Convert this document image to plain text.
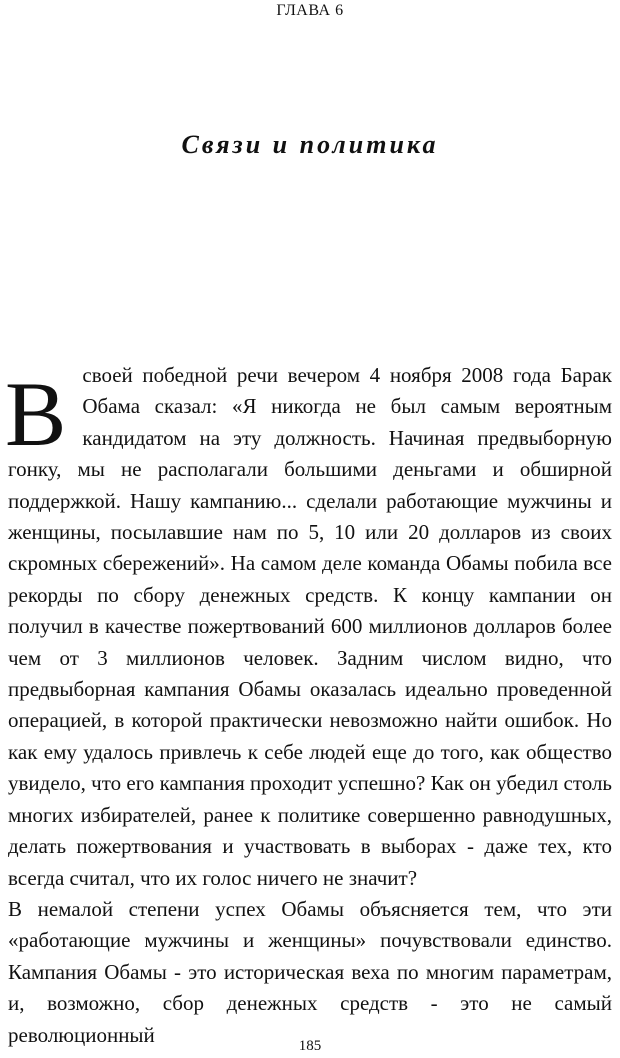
ГЛАВА 6
Связи и политика

В своей победной речи вечером 4 ноября 2008 года Барак Обама сказал: «Я никогда не был самым вероятным кандидатом на эту должность. Начиная предвыборную гонку, мы не располагали большими деньгами и обширной поддержкой. Нашу кампанию... сделали работающие мужчины и женщины, посылавшие нам по 5, 10 или 20 долларов из своих скромных сбережений». На самом деле команда Обамы побила все рекорды по сбору денежных средств. К концу кампании он получил в качестве пожертвований 600 миллионов долларов более чем от 3 миллионов человек. Задним числом видно, что предвыборная кампания Обамы оказалась идеально проведенной операцией, в которой практически невозможно найти ошибок. Но как ему удалось привлечь к себе людей еще до того, как общество увидело, что его кампания проходит успешно? Как он убедил столь многих избирателей, ранее к политике совершенно равнодушных, делать пожертвования и участвовать в выборах - даже тех, кто всегда считал, что их голос ничего не значит?

В немалой степени успех Обамы объясняется тем, что эти «работающие мужчины и женщины» почувствовали единство. Кампания Обамы - это историческая веха по многим параметрам, и, возможно, сбор денежных средств - это не самый революционный	185
